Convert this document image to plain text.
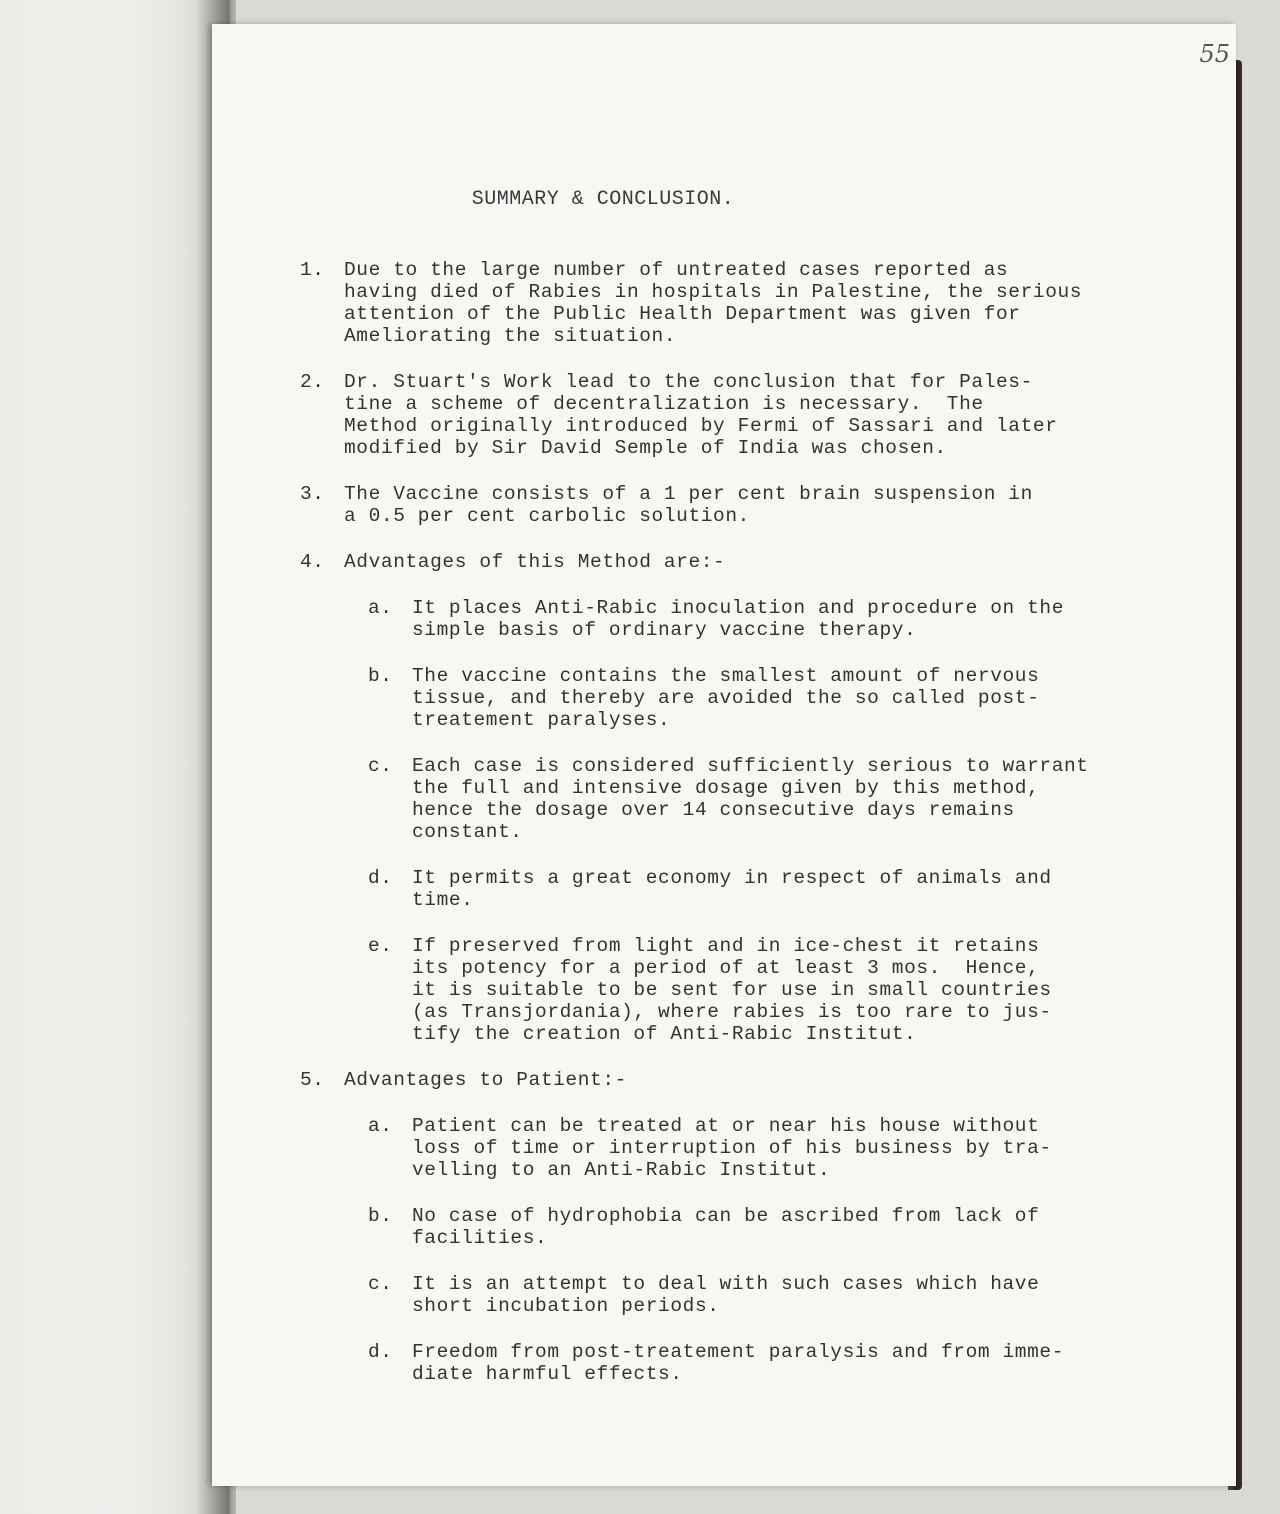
55
SUMMARY & CONCLUSION.
1. Due to the large number of untreated cases reported as
having died of Rabies in hospitals in Palestine, the serious
attention of the Public Health Department was given for
Ameliorating the situation.
2. Dr. Stuart's Work lead to the conclusion that for Pales-
tine a scheme of decentralization is necessary.  The
Method originally introduced by Fermi of Sassari and later
modified by Sir David Semple of India was chosen.
3. The Vaccine consists of a 1 per cent brain suspension in
a 0.5 per cent carbolic solution.
4. Advantages of this Method are:-
a. It places Anti-Rabic inoculation and procedure on the
simple basis of ordinary vaccine therapy.
b. The vaccine contains the smallest amount of nervous
tissue, and thereby are avoided the so called post-
treatement paralyses.
c. Each case is considered sufficiently serious to warrant
the full and intensive dosage given by this method,
hence the dosage over 14 consecutive days remains
constant.
d. It permits a great economy in respect of animals and
time.
e. If preserved from light and in ice-chest it retains
its potency for a period of at least 3 mos.  Hence,
it is suitable to be sent for use in small countries
(as Transjordania), where rabies is too rare to jus-
tify the creation of Anti-Rabic Institut.
5. Advantages to Patient:-
a. Patient can be treated at or near his house without
loss of time or interruption of his business by tra-
velling to an Anti-Rabic Institut.
b. No case of hydrophobia can be ascribed from lack of
facilities.
c. It is an attempt to deal with such cases which have
short incubation periods.
d. Freedom from post-treatement paralysis and from imme-
diate harmful effects.
